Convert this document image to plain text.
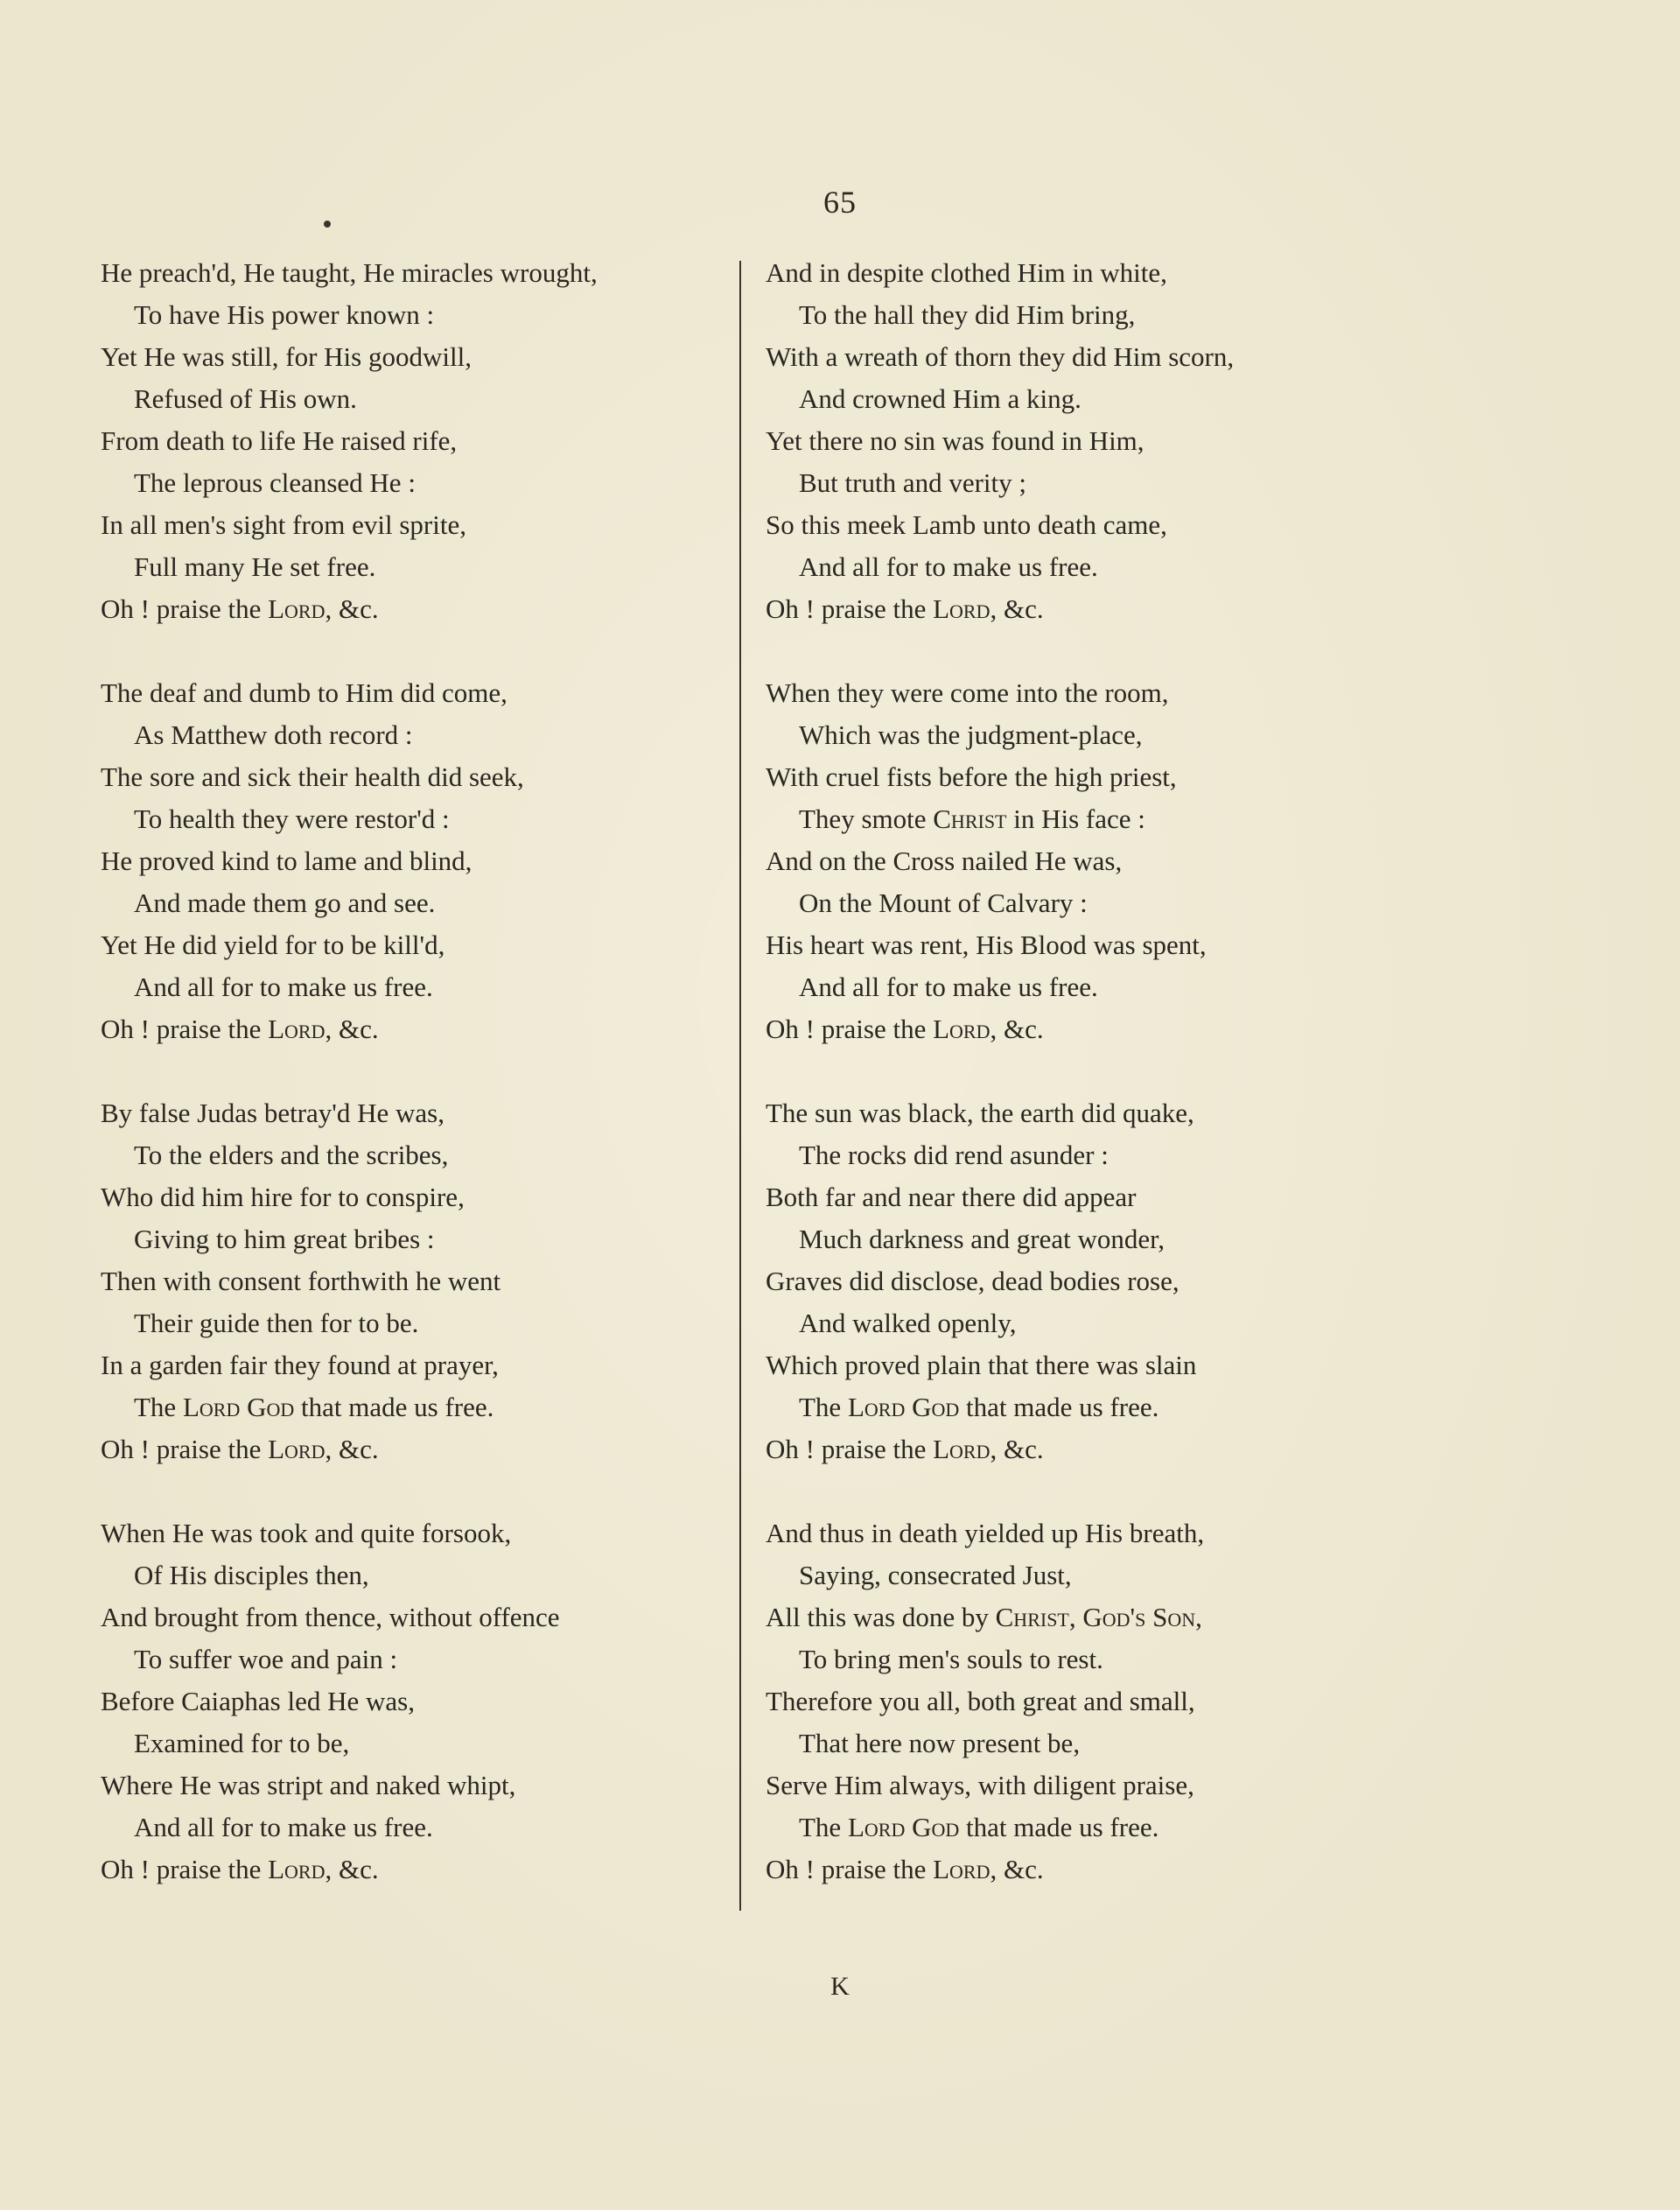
65
He preach'd, He taught, He miracles wrought,
To have His power known :
Yet He was still, for His goodwill,
Refused of His own.
From death to life He raised rife,
The leprous cleansed He :
In all men's sight from evil sprite,
Full many He set free.
Oh ! praise the Lord, &c.
The deaf and dumb to Him did come,
As Matthew doth record :
The sore and sick their health did seek,
To health they were restor'd :
He proved kind to lame and blind,
And made them go and see.
Yet He did yield for to be kill'd,
And all for to make us free.
Oh ! praise the Lord, &c.
By false Judas betray'd He was,
To the elders and the scribes,
Who did him hire for to conspire,
Giving to him great bribes :
Then with consent forthwith he went
Their guide then for to be.
In a garden fair they found at prayer,
The Lord God that made us free.
Oh ! praise the Lord, &c.
When He was took and quite forsook,
Of His disciples then,
And brought from thence, without offence
To suffer woe and pain :
Before Caiaphas led He was,
Examined for to be,
Where He was stript and naked whipt,
And all for to make us free.
Oh ! praise the Lord, &c.
And in despite clothed Him in white,
To the hall they did Him bring,
With a wreath of thorn they did Him scorn,
And crowned Him a king.
Yet there no sin was found in Him,
But truth and verity ;
So this meek Lamb unto death came,
And all for to make us free.
Oh ! praise the Lord, &c.
When they were come into the room,
Which was the judgment-place,
With cruel fists before the high priest,
They smote Christ in His face :
And on the Cross nailed He was,
On the Mount of Calvary :
His heart was rent, His Blood was spent,
And all for to make us free.
Oh ! praise the Lord, &c.
The sun was black, the earth did quake,
The rocks did rend asunder :
Both far and near there did appear
Much darkness and great wonder,
Graves did disclose, dead bodies rose,
And walked openly,
Which proved plain that there was slain
The Lord God that made us free.
Oh ! praise the Lord, &c.
And thus in death yielded up His breath,
Saying, consecrated Just,
All this was done by Christ, God's Son,
To bring men's souls to rest.
Therefore you all, both great and small,
That here now present be,
Serve Him always, with diligent praise,
The Lord God that made us free.
Oh ! praise the Lord, &c.
K
